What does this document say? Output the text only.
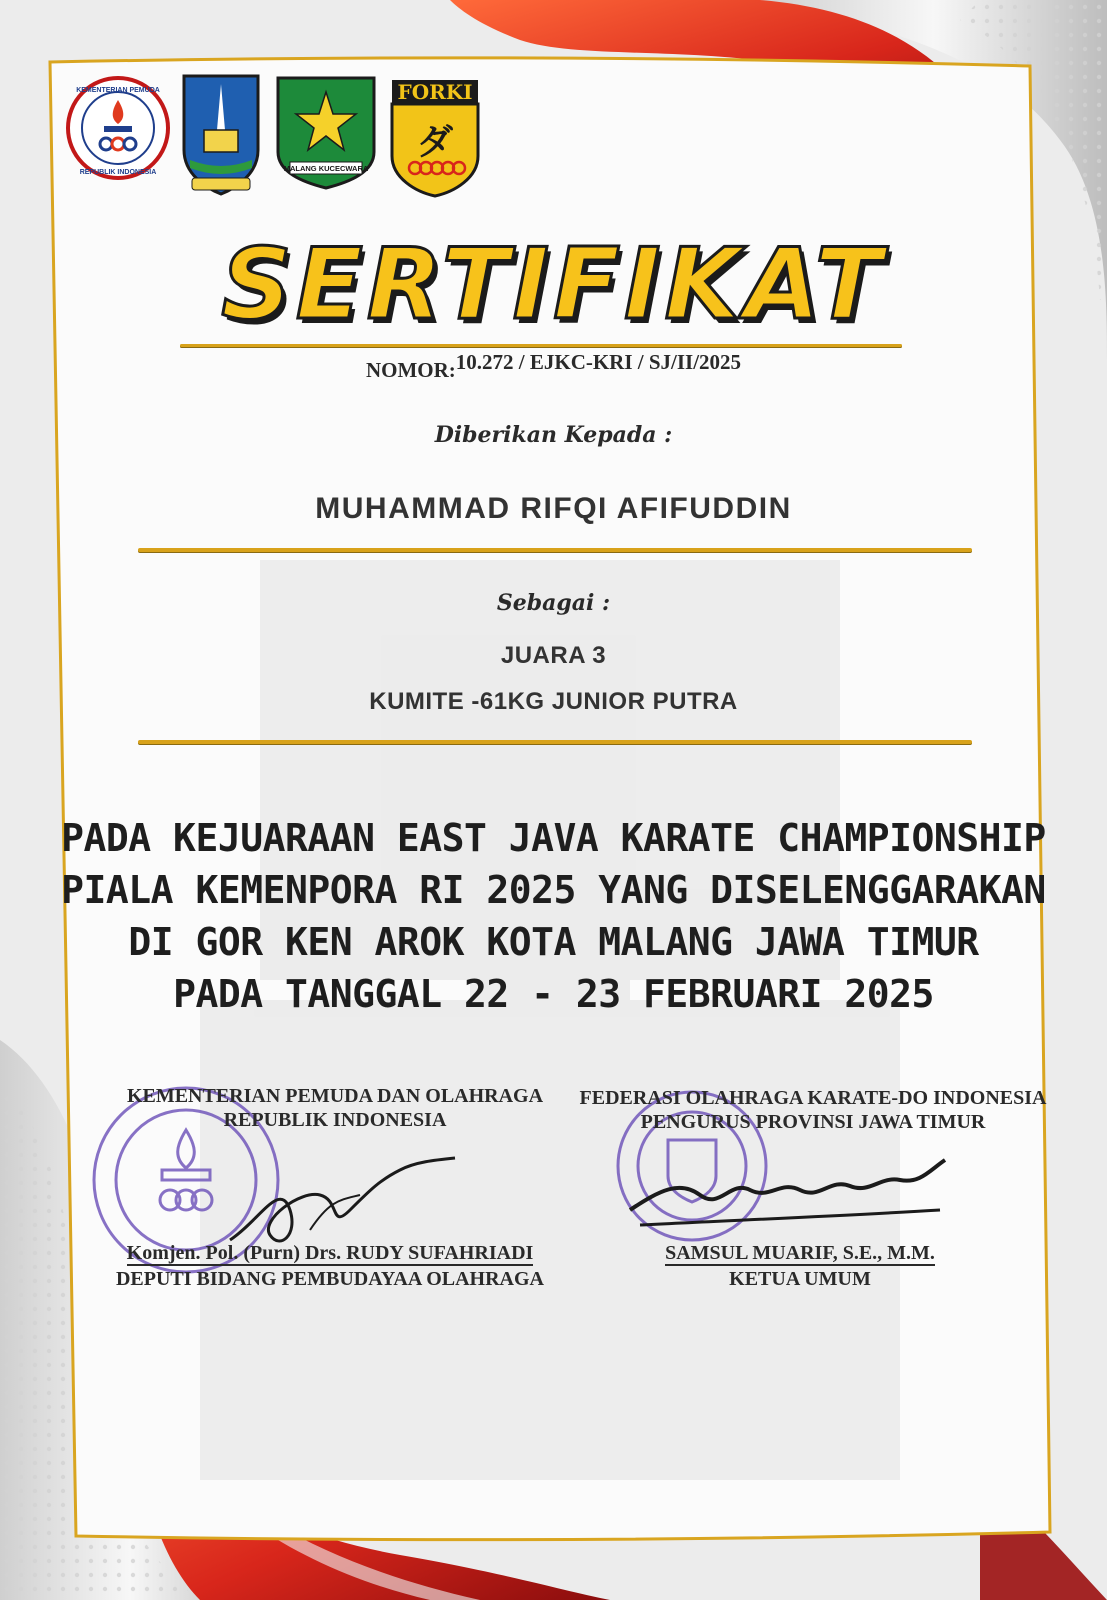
KEMENTERIAN PEMUDA
REPUBLIK INDONESIA	MALANG KUCECWARA
FORKI
ダ
SERTIFIKAT
NOMOR:10.272 / EJKC-KRI / SJ/II/2025
Diberikan Kepada :
MUHAMMAD RIFQI AFIFUDDIN
Sebagai :
JUARA 3
KUMITE -61KG JUNIOR PUTRA
PADA KEJUARAAN EAST JAVA KARATE CHAMPIONSHIP
PIALA KEMENPORA RI 2025 YANG DISELENGGARAKAN
DI GOR KEN AROK KOTA MALANG JAWA TIMUR
PADA TANGGAL 22 - 23 FEBRUARI 2025
KEMENTERIAN PEMUDA DAN OLAHRAGA
REPUBLIK INDONESIA
Komjen. Pol. (Purn) Drs. RUDY SUFAHRIADI
DEPUTI BIDANG PEMBUDAYAA OLAHRAGA
FEDERASI OLAHRAGA KARATE-DO INDONESIA
PENGURUS PROVINSI JAWA TIMUR
SAMSUL MUARIF, S.E., M.M.
KETUA UMUM
